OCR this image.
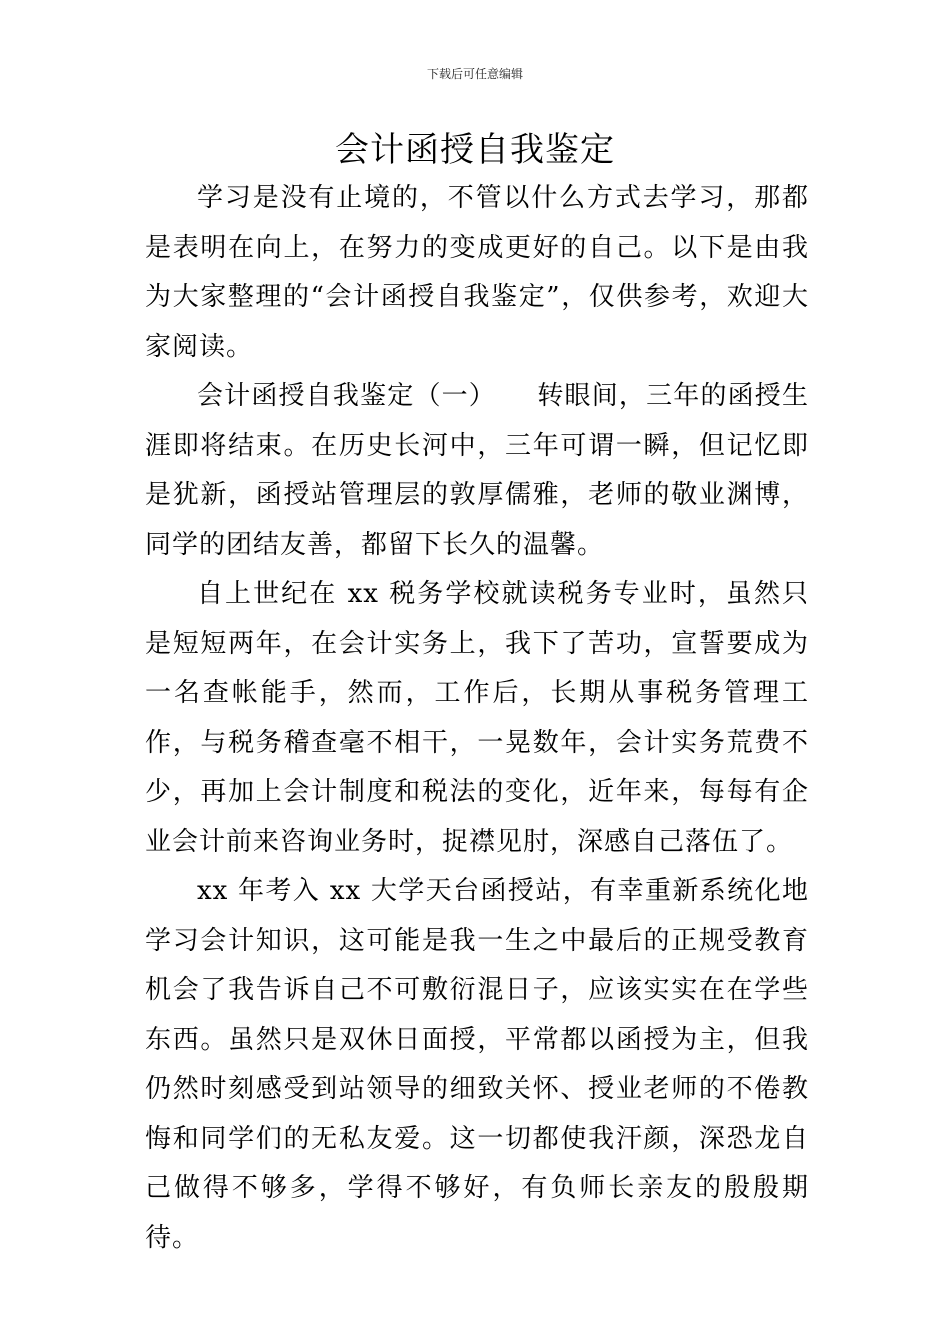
下载后可任意编辑
会计函授自我鉴定

学习是没有止境的，不管以什么方式去学习，那都是表明在向上，在努力的变成更好的自己。以下是由我为大家整理的“会计函授自我鉴定”，仅供参考，欢迎大家阅读。

会计函授自我鉴定（一）　　转眼间，三年的函授生涯即将结束。在历史长河中，三年可谓一瞬，但记忆即是犹新，函授站管理层的敦厚儒雅，老师的敬业渊博，同学的团结友善，都留下长久的温馨。

自上世纪在 xx 税务学校就读税务专业时，虽然只是短短两年，在会计实务上，我下了苦功，宣誓要成为一名查帐能手，然而，工作后，长期从事税务管理工作，与税务稽查毫不相干，一晃数年，会计实务荒费不少，再加上会计制度和税法的变化，近年来，每每有企业会计前来咨询业务时，捉襟见肘，深感自己落伍了。

xx 年考入 xx 大学天台函授站，有幸重新系统化地学习会计知识，这可能是我一生之中最后的正规受教育机会了我告诉自己不可敷衍混日子，应该实实在在学些东西。虽然只是双休日面授，平常都以函授为主，但我仍然时刻感受到站领导的细致关怀、授业老师的不倦教悔和同学们的无私友爱。这一切都使我汗颜，深恐龙自己做得不够多，学得不够好，有负师长亲友的殷殷期待。
